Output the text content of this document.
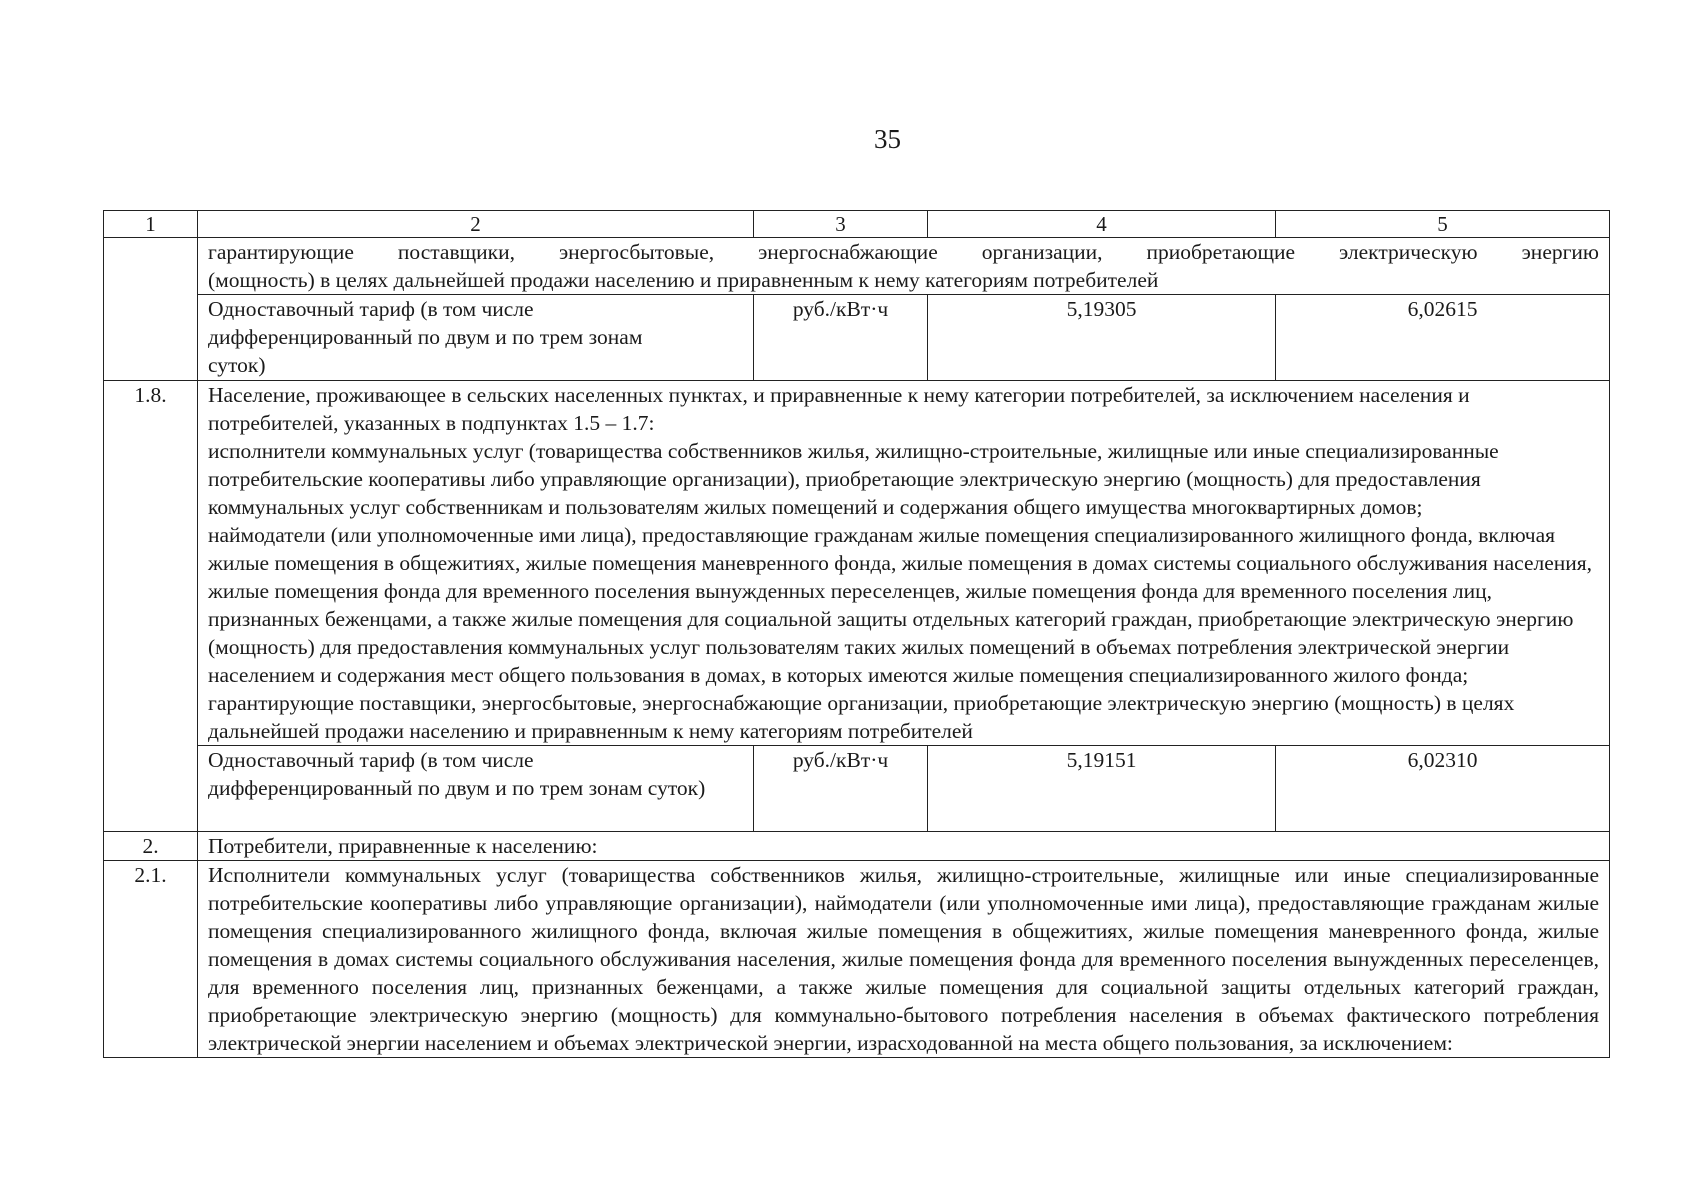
35
1	2	3	4	5

	гарантирующие поставщики, энергосбытовые, энергоснабжающие организации, приобретающие электрическую энергию
(мощность) в целях дальнейшей продажи населению и приравненным к нему категориям потребителей			

	Одноставочный тариф (в том числе дифференцированный по двум и по трем зонам суток)	руб./кВт·ч	5,19305	6,02615
1.8.	Население, проживающее в сельских населенных пунктах, и приравненные к нему категории потребителей, за исключением населения и потребителей, указанных в подпунктах 1.5 – 1.7:
исполнители коммунальных услуг (товарищества собственников жилья, жилищно-строительные, жилищные или иные специализированные потребительские кооперативы либо управляющие организации), приобретающие электрическую энергию (мощность) для предоставления коммунальных услуг собственникам и пользователям жилых помещений и содержания общего имущества многоквартирных домов;
наймодатели (или уполномоченные ими лица), предоставляющие гражданам жилые помещения специализированного жилищного фонда, включая жилые помещения в общежитиях, жилые помещения маневренного фонда, жилые помещения в домах системы социального обслуживания населения, жилые помещения фонда для временного поселения вынужденных переселенцев, жилые помещения фонда для временного поселения лиц, признанных беженцами, а также жилые помещения для социальной защиты отдельных категорий граждан, приобретающие электрическую энергию (мощность) для предоставления коммунальных услуг пользователям таких жилых помещений в объемах потребления электрической энергии населением и содержания мест общего пользования в домах, в которых имеются жилые помещения специализированного жилого фонда;
гарантирующие поставщики, энергосбытовые, энергоснабжающие организации, приобретающие электрическую энергию (мощность) в целях дальнейшей продажи населению и приравненным к нему категориям потребителей			

	Одноставочный тариф (в том числе дифференцированный по двум и по трем зонам суток)	руб./кВт·ч	5,19151	6,02310
2.	Потребители, приравненные к населению:			
2.1.	Исполнители коммунальных услуг (товарищества собственников жилья, жилищно-строительные, жилищные или иные специализированные потребительские кооперативы либо управляющие организации), наймодатели (или уполномоченные ими лица), предоставляющие гражданам жилые помещения специализированного жилищного фонда, включая жилые помещения в общежитиях, жилые помещения маневренного фонда, жилые помещения в домах системы социального обслуживания населения, жилые помещения фонда для временного поселения вынужденных переселенцев, для временного поселения лиц, признанных беженцами, а также жилые помещения для социальной защиты отдельных категорий граждан, приобретающие электрическую энергию (мощность) для коммунально-бытового потребления населения в объемах фактического потребления электрической энергии населением и объемах электрической энергии, израсходованной на места общего пользования, за исключением:			
